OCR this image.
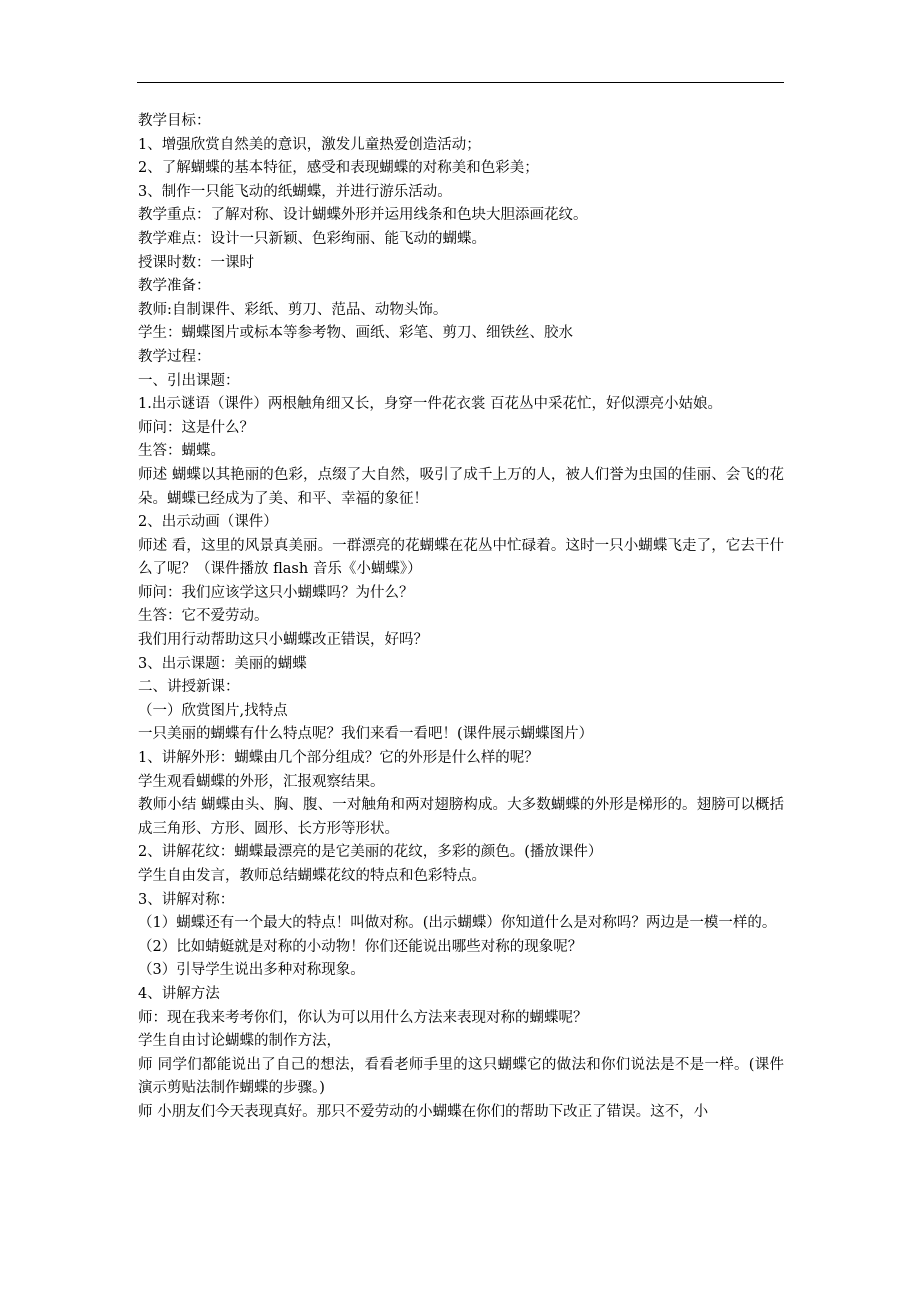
教学目标：

1、增强欣赏自然美的意识，激发儿童热爱创造活动；

2、了解蝴蝶的基本特征，感受和表现蝴蝶的对称美和色彩美；

3、制作一只能飞动的纸蝴蝶，并进行游乐活动。

教学重点：了解对称、设计蝴蝶外形并运用线条和色块大胆添画花纹。

教学难点：设计一只新颖、色彩绚丽、能飞动的蝴蝶。

授课时数：一课时

教学准备：

教师:自制课件、彩纸、剪刀、范品、动物头饰。

学生：蝴蝶图片或标本等参考物、画纸、彩笔、剪刀、细铁丝、胶水

教学过程：

一、引出课题：

1.出示谜语（课件）两根触角细又长，身穿一件花衣裳 百花丛中采花忙，好似漂亮小姑娘。

师问：这是什么？

生答：蝴蝶。

师述 蝴蝶以其艳丽的色彩，点缀了大自然，吸引了成千上万的人，被人们誉为虫国的佳丽、会飞的花朵。蝴蝶已经成为了美、和平、幸福的象征！

2、出示动画（课件）

师述 看，这里的风景真美丽。一群漂亮的花蝴蝶在花丛中忙碌着。这时一只小蝴蝶飞走了，它去干什么了呢？（课件播放 flash 音乐《小蝴蝶》）

师问：我们应该学这只小蝴蝶吗？为什么？

生答：它不爱劳动。

我们用行动帮助这只小蝴蝶改正错误，好吗？

3、出示课题：美丽的蝴蝶

二、讲授新课：

（一）欣赏图片,找特点

一只美丽的蝴蝶有什么特点呢？我们来看一看吧！(课件展示蝴蝶图片）

1、讲解外形：蝴蝶由几个部分组成？它的外形是什么样的呢？

学生观看蝴蝶的外形，汇报观察结果。

教师小结 蝴蝶由头、胸、腹、一对触角和两对翅膀构成。大多数蝴蝶的外形是梯形的。翅膀可以概括成三角形、方形、圆形、长方形等形状。

2、讲解花纹：蝴蝶最漂亮的是它美丽的花纹，多彩的颜色。(播放课件）

学生自由发言，教师总结蝴蝶花纹的特点和色彩特点。

3、讲解对称：

（1）蝴蝶还有一个最大的特点！叫做对称。(出示蝴蝶）你知道什么是对称吗？两边是一模一样的。

（2）比如蜻蜓就是对称的小动物！你们还能说出哪些对称的现象呢？

（3）引导学生说出多种对称现象。

4、讲解方法

师：现在我来考考你们，你认为可以用什么方法来表现对称的蝴蝶呢？

学生自由讨论蝴蝶的制作方法，

师 同学们都能说出了自己的想法，看看老师手里的这只蝴蝶它的做法和你们说法是不是一样。(课件演示剪贴法制作蝴蝶的步骤。)

师 小朋友们今天表现真好。那只不爱劳动的小蝴蝶在你们的帮助下改正了错误。这不，小
